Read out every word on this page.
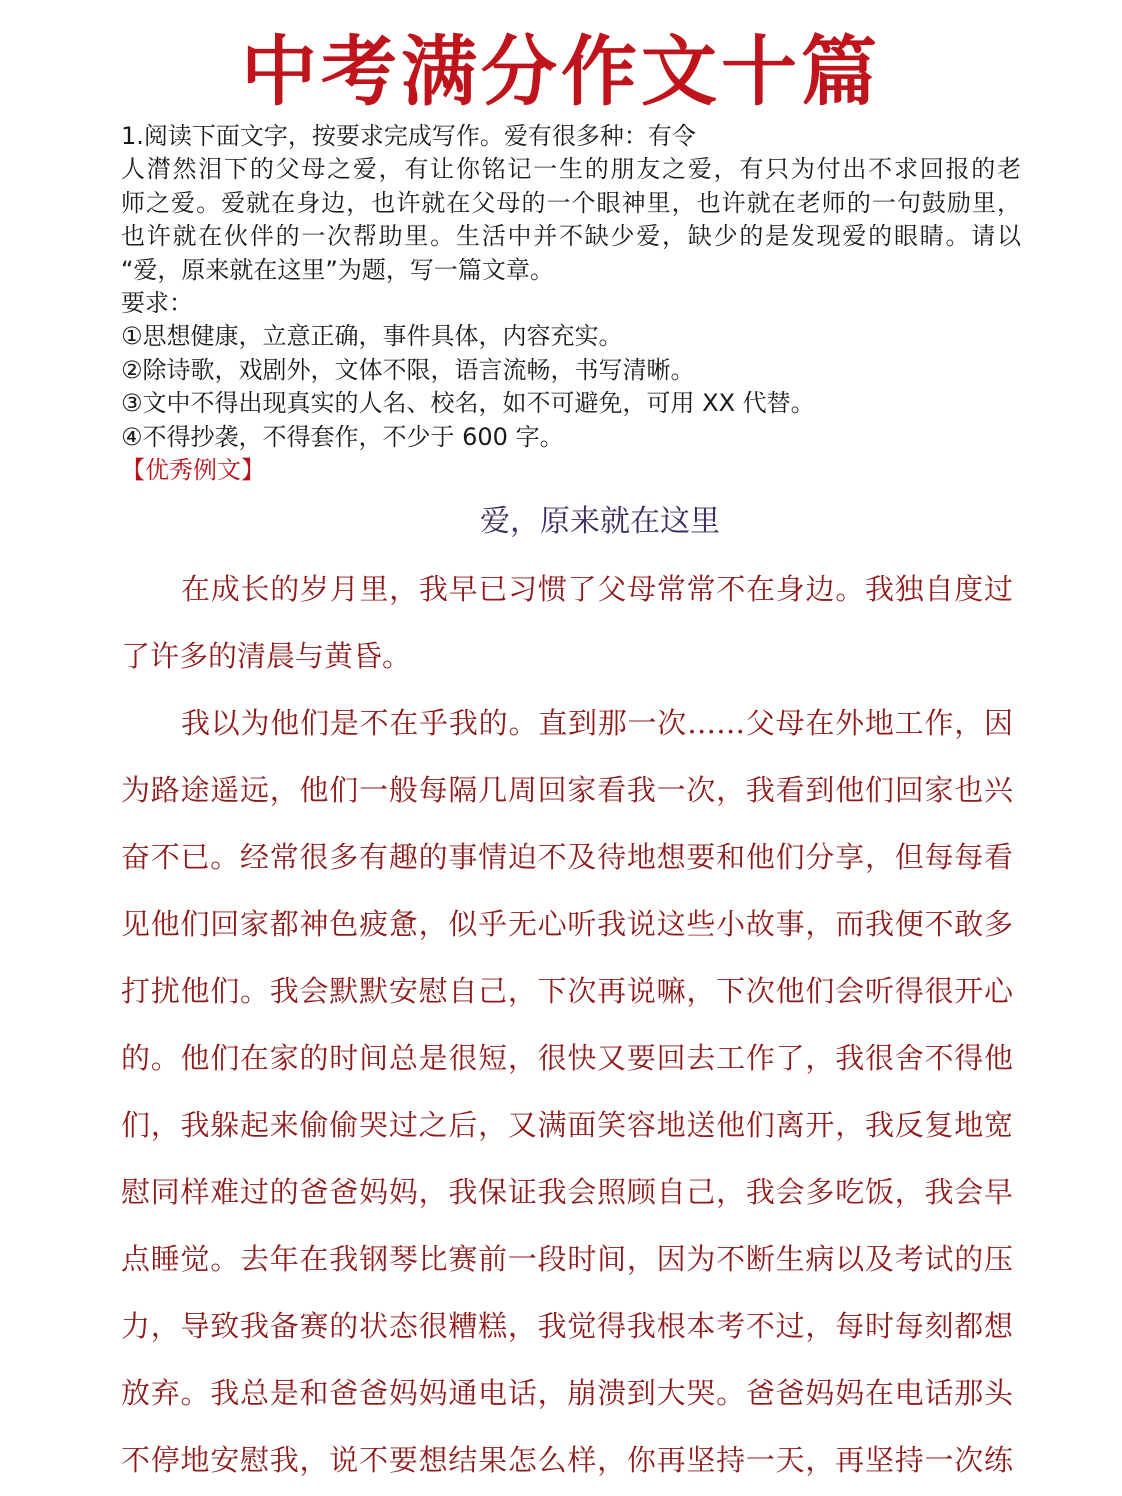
中考满分作文十篇
1.阅读下面文字，按要求完成写作。爱有很多种：有令
人潸然泪下的父母之爱，有让你铭记一生的朋友之爱，有只为付出不求回报的老
师之爱。爱就在身边，也许就在父母的一个眼神里，也许就在老师的一句鼓励里，
也许就在伙伴的一次帮助里。生活中并不缺少爱，缺少的是发现爱的眼睛。请以
“爱，原来就在这里”为题，写一篇文章。
要求：
①思想健康，立意正确，事件具体，内容充实。
②除诗歌，戏剧外，文体不限，语言流畅，书写清晰。
③文中不得出现真实的人名、校名，如不可避免，可用 XX 代替。
④不得抄袭，不得套作，不少于 600 字。
【优秀例文】
爱，原来就在这里
在成长的岁月里，我早已习惯了父母常常不在身边。我独自度过
了许多的清晨与黄昏。
我以为他们是不在乎我的。直到那一次……父母在外地工作，因
为路途遥远，他们一般每隔几周回家看我一次，我看到他们回家也兴
奋不已。经常很多有趣的事情迫不及待地想要和他们分享，但每每看
见他们回家都神色疲惫，似乎无心听我说这些小故事，而我便不敢多
打扰他们。我会默默安慰自己，下次再说嘛，下次他们会听得很开心
的。他们在家的时间总是很短，很快又要回去工作了，我很舍不得他
们，我躲起来偷偷哭过之后，又满面笑容地送他们离开，我反复地宽
慰同样难过的爸爸妈妈，我保证我会照顾自己，我会多吃饭，我会早
点睡觉。去年在我钢琴比赛前一段时间，因为不断生病以及考试的压
力，导致我备赛的状态很糟糕，我觉得我根本考不过，每时每刻都想
放弃。我总是和爸爸妈妈通电话，崩溃到大哭。爸爸妈妈在电话那头
不停地安慰我，说不要想结果怎么样，你再坚持一天，再坚持一次练
